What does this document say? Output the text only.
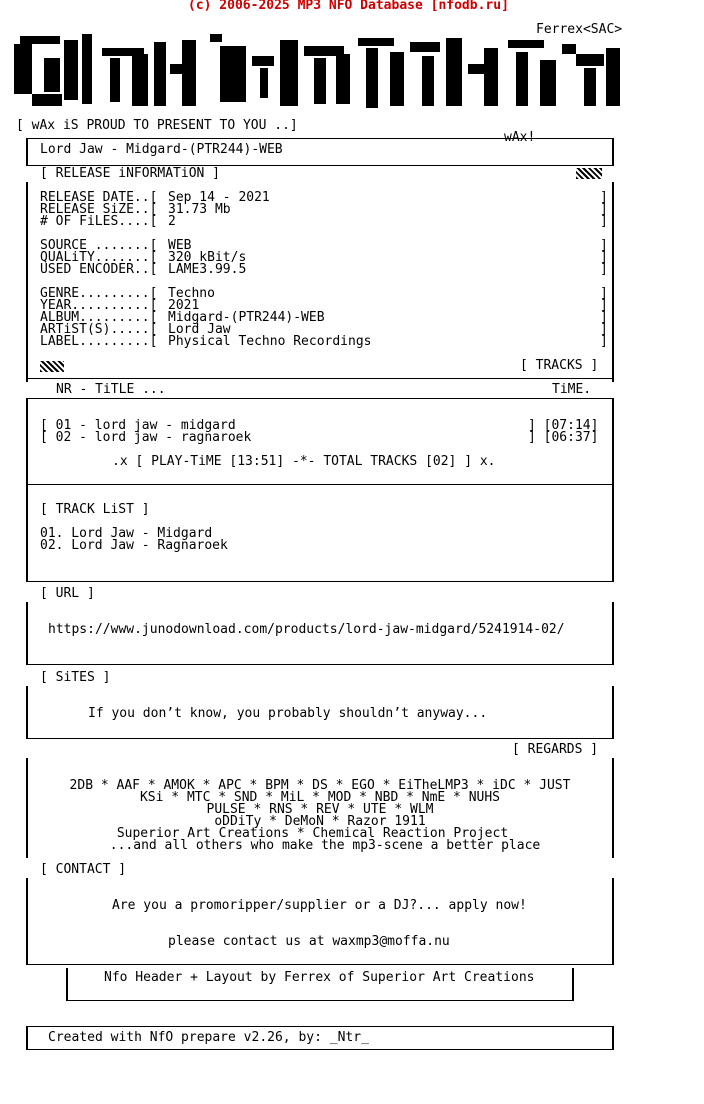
(c) 2006-2025 MP3 NFO Database [nfodb.ru]
Ferrex<SAC>
[ wAx iS PROUD TO PRESENT TO YOU ..]
wAx!
Lord Jaw - Midgard-(PTR244)-WEB
[ RELEASE iNFORMATiON ]
RELEASE DATE..[ Sep 14 - 2021	]
RELEASE SiZE..[ 31.73 Mb	]
# OF FiLES....[ 2	]
SOURCE .......[ WEB	]
QUALiTY.......[ 320 kBit/s	]
USED ENCODER..[ LAME3.99.5	]
GENRE.........[ Techno	]
YEAR..........[ 2021	]
ALBUM.........[ Midgard-(PTR244)-WEB	]
ARTiST(S).....[ Lord Jaw	]
LABEL.........[ Physical Techno Recordings	]
[ TRACKS ]
NR - TiTLE ...	TiME.
[ 01 - lord jaw - midgard	] [07:14]
[ 02 - lord jaw - ragnaroek	] [06:37]
.x [ PLAY-TiME [13:51] -*- TOTAL TRACKS [02] ] x.
[ TRACK LiST ]
01. Lord Jaw - Midgard
02. Lord Jaw - Ragnaroek
[ URL ]
https://www.junodownload.com/products/lord-jaw-midgard/5241914-02/
[ SiTES ]
If you don’t know, you probably shouldn’t anyway...
[ REGARDS ]
2DB * AAF * AMOK * APC * BPM * DS * EGO * EiTheLMP3 * iDC * JUST
KSi * MTC * SND * MiL * MOD * NBD * NmE * NUHS
PULSE * RNS * REV * UTE * WLM
oDDiTy * DeMoN * Razor 1911
Superior Art Creations * Chemical Reaction Project
...and all others who make the mp3-scene a better place
[ CONTACT ]
Are you a promoripper/supplier or a DJ?... apply now!
please contact us at waxmp3@moffa.nu
Nfo Header + Layout by Ferrex of Superior Art Creations
Created with NfO prepare v2.26, by: _Ntr_
